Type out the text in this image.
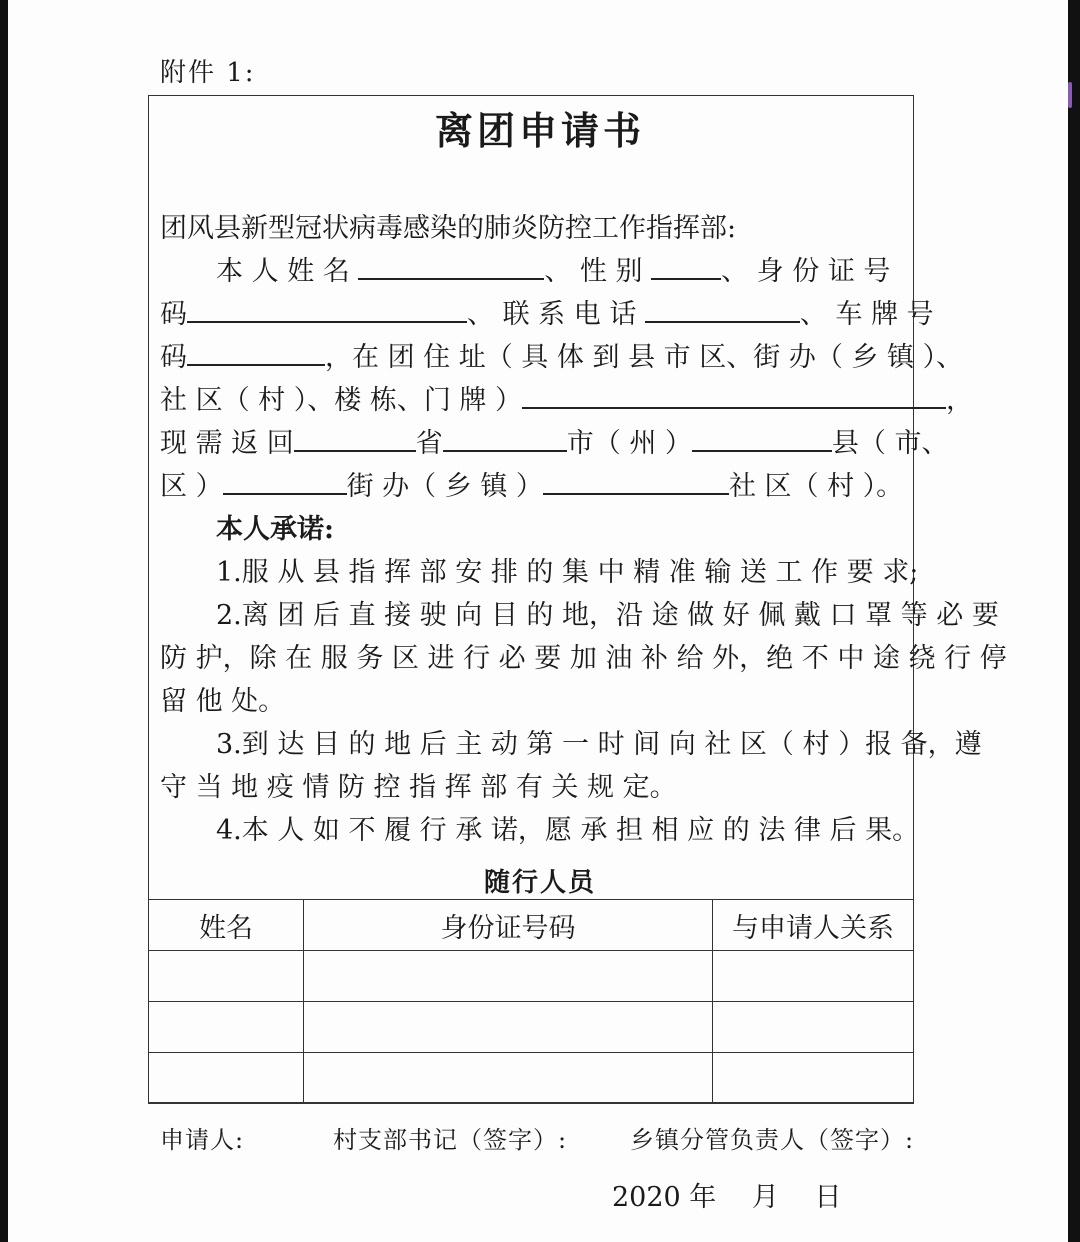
附件 1:
离团申请书
团风县新型冠状病毒感染的肺炎防控工作指挥部:
本 人 姓 名	、 性 别	、 身 份 证 号
码	、 联 系 电 话	、 车 牌 号
码	，在 团 住 址（ 具 体 到 县 市 区、街 办（ 乡 镇 ）、
社 区（ 村 ）、楼 栋、门 牌 ）	，
现 需 返 回	省	市（ 州 ）	县（ 市、
区 ）	街 办（ 乡 镇 ）	社 区（ 村 ）。
本人承诺:
1.服 从 县 指 挥 部 安 排 的 集 中 精 准 输 送 工 作 要 求;
2.离 团 后 直 接 驶 向 目 的 地，沿 途 做 好 佩 戴 口 罩 等 必 要
防 护，除 在 服 务 区 进 行 必 要 加 油 补 给 外，绝 不 中 途 绕 行 停
留 他 处。
3.到 达 目 的 地 后 主 动 第 一 时 间 向 社 区（ 村 ）报 备，遵
守 当 地 疫 情 防 控 指 挥 部 有 关 规 定。
4.本 人 如 不 履 行 承 诺，愿 承 担 相 应 的 法 律 后 果。
随行人员
姓名	身份证号码	与申请人关系

申请人:	村支部书记（签字）:	乡镇分管负责人（签字）:
2020 年　 月　 日
